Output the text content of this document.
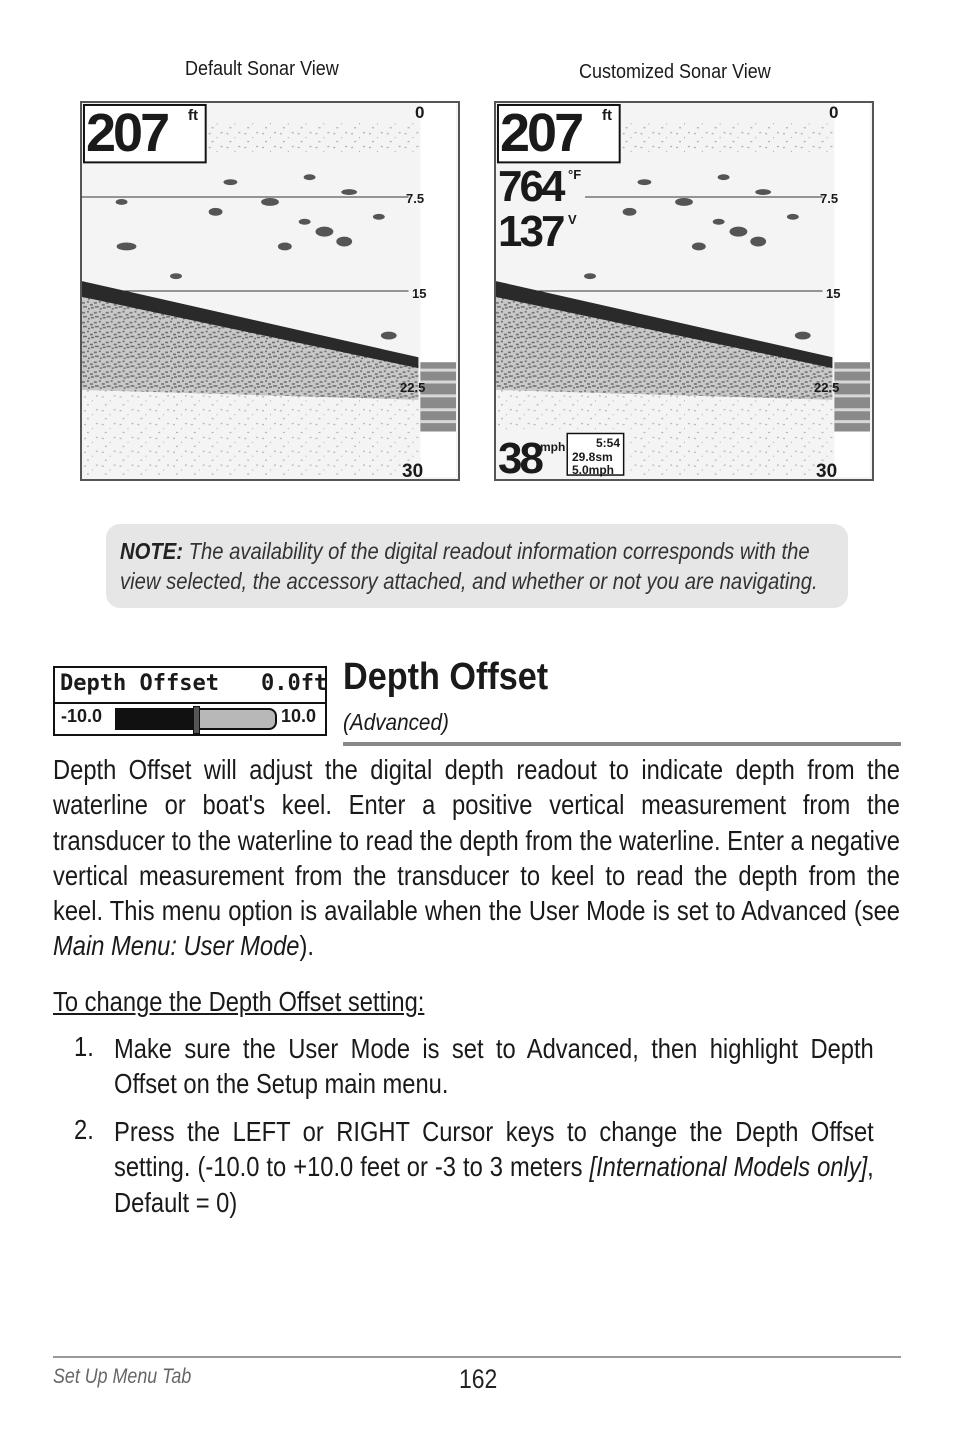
Default Sonar View	Customized Sonar View
207 ft	0
7.5
15
22.5
30
207 ft
764 °F
137 V
38 mph	5:54
29.8sm
5.0mph
0
7.5
15
22.5
30

NOTE: The availability of the digital readout information corresponds with the view selected, the accessory attached, and whether or not you are navigating.

Depth Offset 0.0ft
-10.0	10.0
Depth Offset
(Advanced)
Depth Offset will adjust the digital depth readout to indicate depth from the waterline or boat's keel. Enter a positive vertical measurement from the transducer to the waterline to read the depth from the waterline. Enter a negative vertical measurement from the transducer to keel to read the depth from the keel. This menu option is available when the User Mode is set to Advanced (see Main Menu: User Mode).
To change the Depth Offset setting:
1. Make sure the User Mode is set to Advanced, then highlight Depth Offset on the Setup main menu.
2. Press the LEFT or RIGHT Cursor keys to change the Depth Offset setting. (-10.0 to +10.0 feet or -3 to 3 meters [International Models only], Default = 0)
Set Up Menu Tab	162
